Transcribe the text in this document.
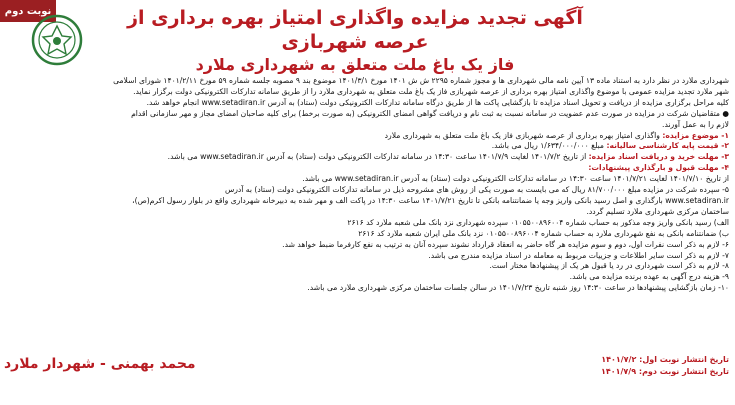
نوبت دوم	آگهی تجدید مزایده واگذاری امتیاز بهره برداری از عرصه شهربازی
فاز یک باغ ملت متعلق به شهرداری ملارد

شهرداری ملارد در نظر دارد به استناد ماده ۱۳ آیین نامه مالی شهرداری ها و مجوز شماره ۲۲۹۵ ش ش ۱۴۰۱ مورخ ۱۴۰۱/۳/۱ موضوع بند ۹ مصوبه جلسه شماره ۵۹ مورخ ۱۴۰۱/۲/۱۱ شورای اسلامی

شهر ملارد تجدید مزایده عمومی با موضوع واگذاری امتیاز بهره برداری از عرصه شهربازی فاز یک باغ ملت متعلق به شهرداری ملارد را از طریق سامانه تدارکات الکترونیکی دولت برگزار نماید.

کلیه مراحل برگزاری مزایده از دریافت و تحویل اسناد مزایده تا بازگشایی پاکت ها از طریق درگاه سامانه تدارکات الکترونیکی دولت (ستاد) به آدرس www.setadiran.ir انجام خواهد شد.

● متقاضیان شرکت در مزایده در صورت عدم عضویت در سامانه نسبت به ثبت نام و دریافت گواهی امضای الکترونیکی (به صورت برخط) برای کلیه صاحبان امضای مجاز و مهر سازمانی اقدام

لازم را به عمل آورند.

۱- موضوع مزایده: واگذاری امتیاز بهره برداری از عرصه شهربازی فاز یک باغ ملت متعلق به شهرداری ملارد

۲- قیمت پایه کارشناسی سالیانه: مبلغ ۱/۶۳۴/۰۰۰/۰۰۰ ریال می باشد.

۳- مهلت خرید و دریافت اسناد مزایده: از تاریخ ۱۴۰۱/۷/۲ لغایت ۱۴۰۱/۷/۹ ساعت ۱۴:۳۰ در سامانه تدارکات الکترونیکی دولت (ستاد) به آدرس www.setadiran.ir می باشد.

۴- مهلت قبول و بارگذاری پیشنهادات:

از تاریخ ۱۴۰۱/۷/۱۰ لغایت ۱۴۰۱/۷/۲۱ ساعت ۱۴:۳۰ در سامانه تدارکات الکترونیکی دولت (ستاد) به آدرس www.setadiran.ir می باشد.

۵- سپرده شرکت در مزایده مبلغ ۸۱/۷۰۰/۰۰۰ ریال که می بایست به صورت یکی از روش های مشروحه ذیل در سامانه تدارکات الکترونیکی دولت (ستاد) به آدرس

www.setadiran.ir بارگذاری و اصل رسید بانکی واریز وجه یا ضمانتنامه بانکی تا تاریخ ۱۴۰۱/۷/۲۱ ساعت ۱۴:۳۰ در پاکت الف و مهر شده به دبیرخانه شهرداری واقع در بلوار رسول اکرم(ص)،

ساختمان مرکزی شهرداری ملارد تسلیم گردد.

الف) رسید بانکی واریز وجه مذکور به حساب شماره ۰۱۰۵۵۰۰۸۹۶۰۰۴ سپرده شهرداری نزد بانک ملی شعبه ملارد کد ۲۶۱۶

ب) ضمانتنامه بانکی به نفع شهرداری ملارد به حساب شماره ۰۱۰۵۵۰۰۸۹۶۰۰۴ نزد بانک ملی ایران شعبه ملارد کد ۲۶۱۶

۶- لازم به ذکر است نفرات اول، دوم و سوم مزایده هر گاه حاضر به انعقاد قرارداد نشوند سپرده آنان به ترتیب به نفع کارفرما ضبط خواهد شد.

۷- لازم به ذکر است سایر اطلاعات و جزییات مربوط به معامله در اسناد مزایده مندرج می باشد.

۸- لازم به ذکر است شهرداری در رد یا قبول هر یک از پیشنهادها مختار است.

۹- هزینه درج آگهی به عهده برنده مزایده می باشد.

۱۰- زمان بازگشایی پیشنهادها در ساعت ۱۴:۳۰ روز شنبه تاریخ ۱۴۰۱/۷/۲۳ در سالن جلسات ساختمان مرکزی شهرداری ملارد می باشد.

تاریخ انتشار نوبت اول: ۱۴۰۱/۷/۲
تاریخ انتشار نوبت دوم: ۱۴۰۱/۷/۹
محمد بهمنی - شهردار ملارد
